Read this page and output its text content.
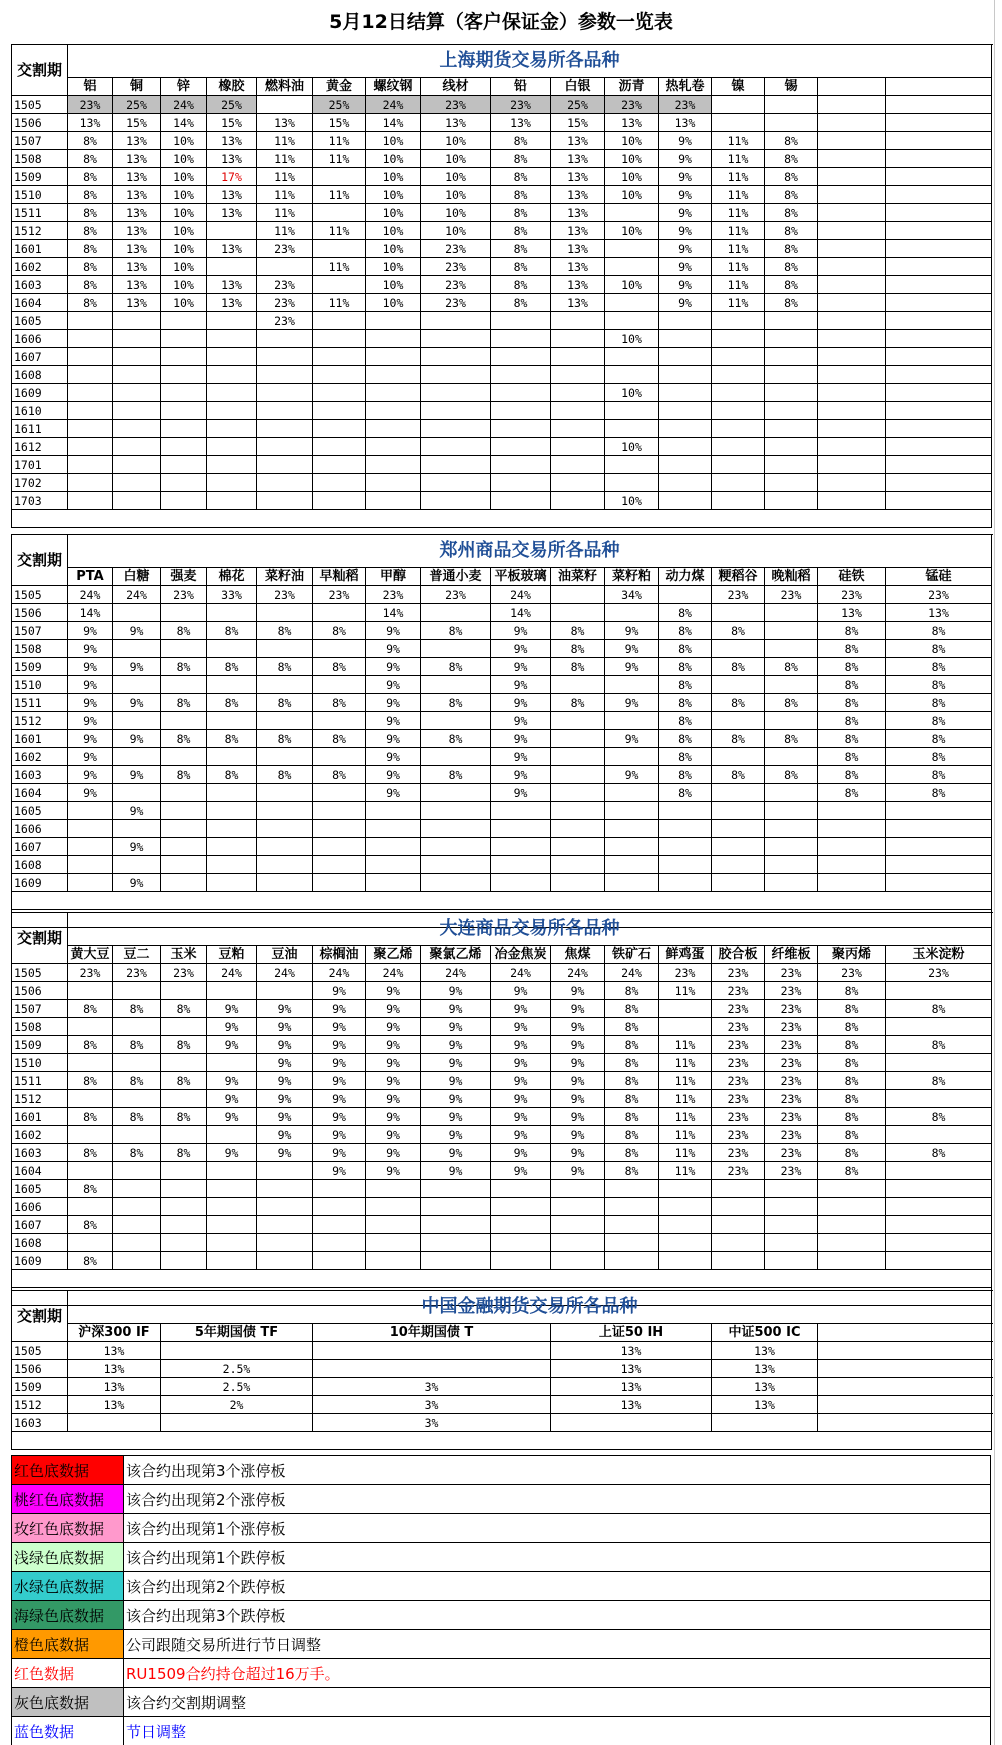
5月12日结算（客户保证金）参数一览表
交割期	上海期货交易所各品种															
	铝	铜	锌	橡胶	燃料油	黄金	螺纹钢	线材	铅	白银	沥青	热轧卷	镍	锡		
1505	23%	25%	24%	25%		25%	24%	23%	23%	25%	23%	23%				
1506	13%	15%	14%	15%	13%	15%	14%	13%	13%	15%	13%	13%				
1507	8%	13%	10%	13%	11%	11%	10%	10%	8%	13%	10%	9%	11%	8%		
1508	8%	13%	10%	13%	11%	11%	10%	10%	8%	13%	10%	9%	11%	8%		
1509	8%	13%	10%	17%	11%		10%	10%	8%	13%	10%	9%	11%	8%		
1510	8%	13%	10%	13%	11%	11%	10%	10%	8%	13%	10%	9%	11%	8%		
1511	8%	13%	10%	13%	11%		10%	10%	8%	13%		9%	11%	8%		
1512	8%	13%	10%		11%	11%	10%	10%	8%	13%	10%	9%	11%	8%		
1601	8%	13%	10%	13%	23%		10%	23%	8%	13%		9%	11%	8%		
1602	8%	13%	10%			11%	10%	23%	8%	13%		9%	11%	8%		
1603	8%	13%	10%	13%	23%		10%	23%	8%	13%	10%	9%	11%	8%		
1604	8%	13%	10%	13%	23%	11%	10%	23%	8%	13%		9%	11%	8%		
1605					23%											
1606											10%					
1607																
1608																
1609											10%					
1610																
1611																
1612											10%					
1701																
1702																
1703											10%					

交割期	郑州商品交易所各品种															
	PTA	白糖	强麦	棉花	菜籽油	早籼稻	甲醇	普通小麦	平板玻璃	油菜籽	菜籽粕	动力煤	粳稻谷	晚籼稻	硅铁	锰硅
1505	24%	24%	23%	33%	23%	23%	23%	23%	24%		34%		23%	23%	23%	23%
1506	14%						14%		14%			8%			13%	13%
1507	9%	9%	8%	8%	8%	8%	9%	8%	9%	8%	9%	8%	8%		8%	8%
1508	9%						9%		9%	8%	9%	8%			8%	8%
1509	9%	9%	8%	8%	8%	8%	9%	8%	9%	8%	9%	8%	8%	8%	8%	8%
1510	9%						9%		9%			8%			8%	8%
1511	9%	9%	8%	8%	8%	8%	9%	8%	9%	8%	9%	8%	8%	8%	8%	8%
1512	9%						9%		9%			8%			8%	8%
1601	9%	9%	8%	8%	8%	8%	9%	8%	9%		9%	8%	8%	8%	8%	8%
1602	9%						9%		9%			8%			8%	8%
1603	9%	9%	8%	8%	8%	8%	9%	8%	9%		9%	8%	8%	8%	8%	8%
1604	9%						9%		9%			8%			8%	8%
1605		9%														
1606																
1607		9%														
1608																
1609		9%														

交割期	大连商品交易所各品种															
	黄大豆	豆二	玉米	豆粕	豆油	棕榈油	聚乙烯	聚氯乙烯	冶金焦炭	焦煤	铁矿石	鲜鸡蛋	胶合板	纤维板	聚丙烯	玉米淀粉
1505	23%	23%	23%	24%	24%	24%	24%	24%	24%	24%	24%	23%	23%	23%	23%	23%
1506						9%	9%	9%	9%	9%	8%	11%	23%	23%	8%	
1507	8%	8%	8%	9%	9%	9%	9%	9%	9%	9%	8%		23%	23%	8%	8%
1508				9%	9%	9%	9%	9%	9%	9%	8%		23%	23%	8%	
1509	8%	8%	8%	9%	9%	9%	9%	9%	9%	9%	8%	11%	23%	23%	8%	8%
1510					9%	9%	9%	9%	9%	9%	8%	11%	23%	23%	8%	
1511	8%	8%	8%	9%	9%	9%	9%	9%	9%	9%	8%	11%	23%	23%	8%	8%
1512				9%	9%	9%	9%	9%	9%	9%	8%	11%	23%	23%	8%	
1601	8%	8%	8%	9%	9%	9%	9%	9%	9%	9%	8%	11%	23%	23%	8%	8%
1602					9%	9%	9%	9%	9%	9%	8%	11%	23%	23%	8%	
1603	8%	8%	8%	9%	9%	9%	9%	9%	9%	9%	8%	11%	23%	23%	8%	8%
1604						9%	9%	9%	9%	9%	8%	11%	23%	23%	8%	
1605	8%															
1606																
1607	8%															
1608																
1609	8%															

交割期	中国金融期货交易所各品种					
	沪深300 IF	5年期国债 TF	10年期国债 T	上证50 IH	中证500 IC	
1505	13%			13%	13%	
1506	13%	2.5%		13%	13%	
1509	13%	2.5%	3%	13%	13%	
1512	13%	2%	3%	13%	13%	
1603			3%			

红色底数据	该合约出现第3个涨停板
桃红色底数据	该合约出现第2个涨停板
玫红色底数据	该合约出现第1个涨停板
浅绿色底数据	该合约出现第1个跌停板
水绿色底数据	该合约出现第2个跌停板
海绿色底数据	该合约出现第3个跌停板
橙色底数据	公司跟随交易所进行节日调整
红色数据	RU1509合约持仓超过16万手。
灰色底数据	该合约交割期调整
蓝色数据	节日调整
